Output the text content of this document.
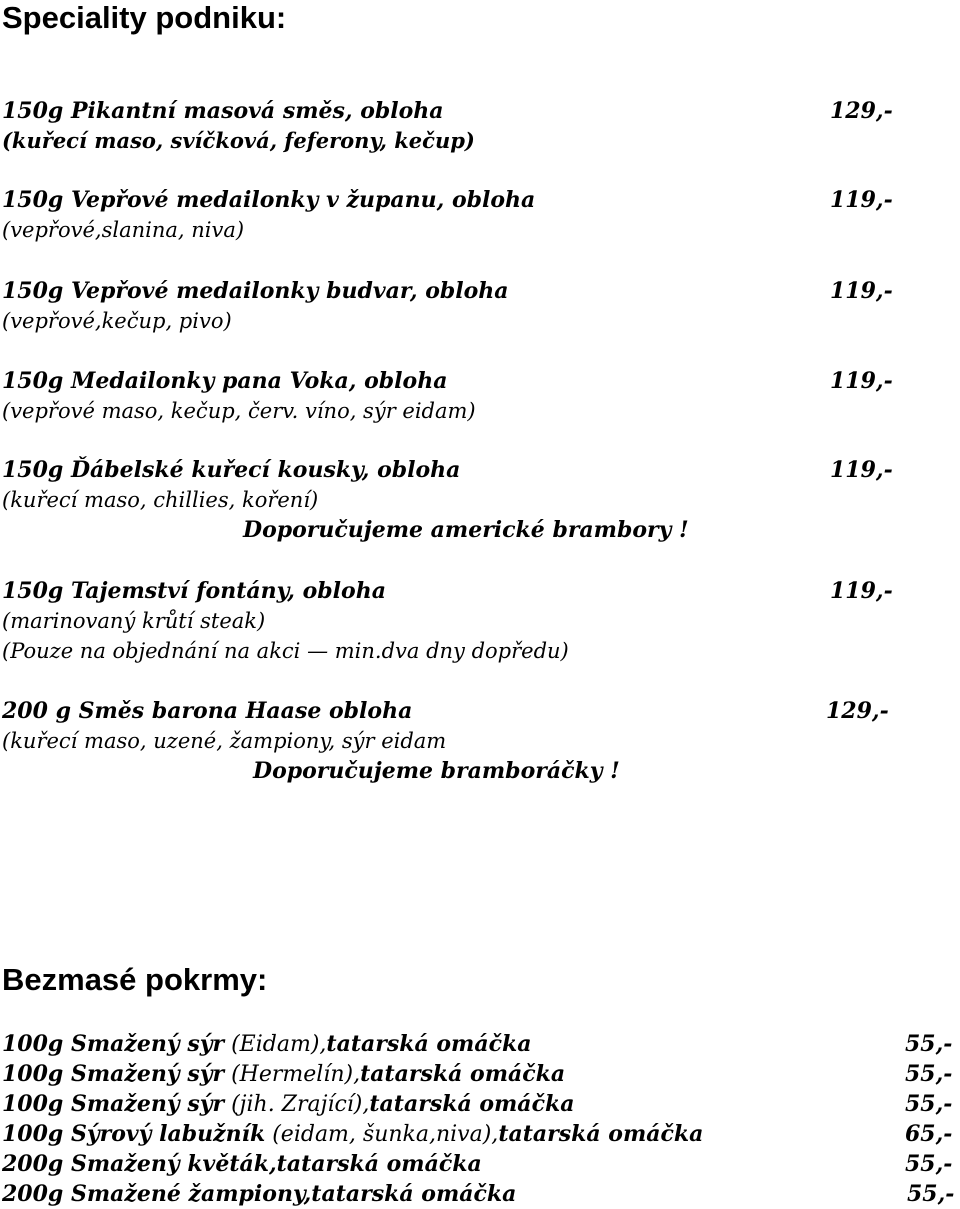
Speciality podniku:
150g Pikantní masová směs, obloha	129,-
(kuřecí maso, svíčková, feferony, kečup)
150g Vepřové medailonky v županu, obloha	119,-
(vepřové,slanina, niva)
150g Vepřové medailonky budvar, obloha	119,-
(vepřové,kečup, pivo)
150g Medailonky pana Voka, obloha	119,-
(vepřové maso, kečup, červ. víno, sýr eidam)
150g Ďábelské kuřecí kousky, obloha	119,-
(kuřecí maso, chillies, koření)
Doporučujeme americké brambory !
150g Tajemství fontány, obloha	119,-
(marinovaný krůtí steak)
(Pouze na objednání na akci — min.dva dny dopředu)
200 g Směs barona Haase obloha	129,-
(kuřecí maso, uzené, žampiony, sýr eidam
Doporučujeme bramboráčky !
Bezmasé pokrmy:
100g Smažený sýr (Eidam),tatarská omáčka	55,-
100g Smažený sýr (Hermelín),tatarská omáčka	55,-
100g Smažený sýr (jih. Zrající),tatarská omáčka	55,-
100g Sýrový labužník (eidam, šunka,niva),tatarská omáčka	65,-
200g Smažený květák,tatarská omáčka	55,-
200g Smažené žampiony,tatarská omáčka	55,-
